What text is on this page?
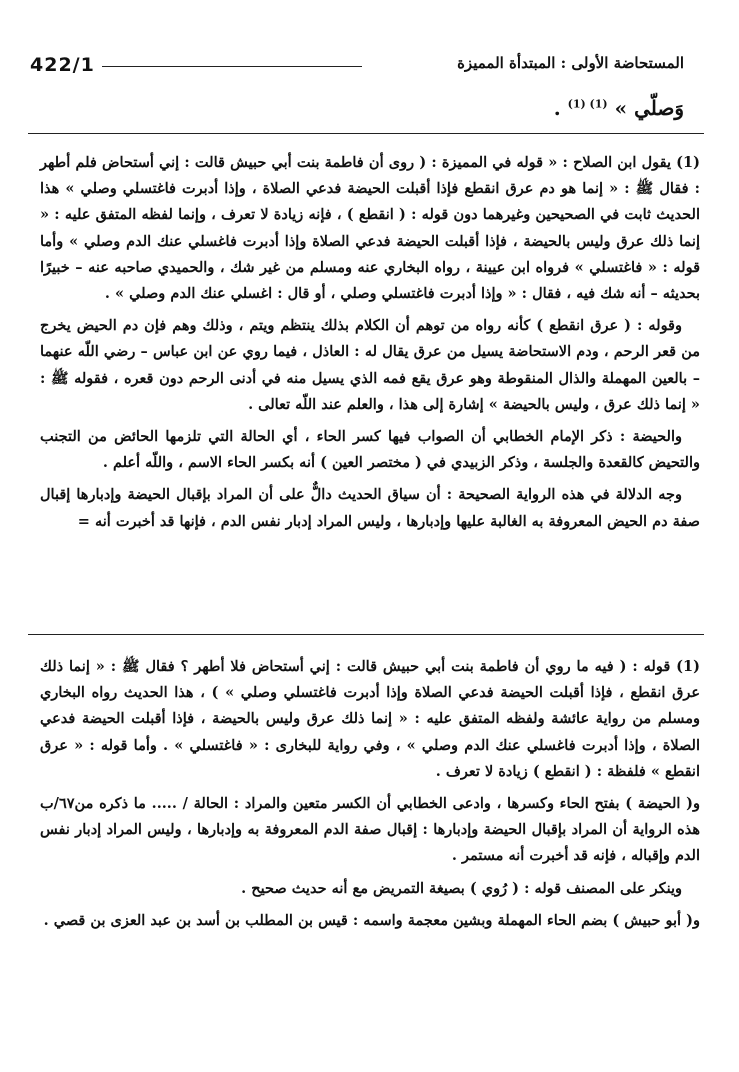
422/1	المستحاضة الأولى : المبتدأة المميزة
وَصلّي » $^{(1) (1)}$ .

(1) يقول ابن الصلاح : « قوله في المميزة : ( روى أن فاطمة بنت أبي حبيش قالت : إني أستحاض فلم أطهر : فقال ﷺ : « إنما هو دم عرق انقطع فإذا أقبلت الحيضة فدعي الصلاة ، وإذا أدبرت فاغتسلي وصلي » هذا الحديث ثابت في الصحيحين وغيرهما دون قوله : ( انقطع ) ، فإنه زيادة لا تعرف ، وإنما لفظه المتفق عليه : « إنما ذلك عرق وليس بالحيضة ، فإذا أقبلت الحيضة فدعي الصلاة وإذا أدبرت فاغسلي عنك الدم وصلي » وأما قوله : « فاغتسلي » فرواه ابن عيينة ، رواه البخاري عنه ومسلم من غير شك ، والحميدي صاحبه عنه – خبيرًا بحديثه – أنه شك فيه ، فقال : « وإذا أدبرت فاغتسلي وصلي ، أو قال : اغسلي عنك الدم وصلي » .

وقوله : ( عرق انقطع ) كأنه رواه من توهم أن الكلام بذلك ينتظم ويتم ، وذلك وهم فإن دم الحيض يخرج من قعر الرحم ، ودم الاستحاضة يسيل من عرق يقال له : العاذل ، فيما روي عن ابن عباس – رضي اللّه عنهما – بالعين المهملة والذال المنقوطة وهو عرق يقع فمه الذي يسيل منه في أدنى الرحم دون قعره ، فقوله ﷺ : « إنما ذلك عرق ، وليس بالحيضة » إشارة إلى هذا ، والعلم عند اللّه تعالى .

والحيضة : ذكر الإمام الخطابي أن الصواب فيها كسر الحاء ، أي الحالة التي تلزمها الحائض من التجنب والتحيض كالقعدة والجلسة ، وذكر الزبيدي في ( مختصر العين ) أنه بكسر الحاء الاسم ، واللّه أعلم .

وجه الدلالة في هذه الرواية الصحيحة : أن سياق الحديث دالٌّ على أن المراد بإقبال الحيضة وإدبارها إقبال صفة دم الحيض المعروفة به الغالبة عليها وإدبارها ، وليس المراد إدبار نفس الدم ، فإنها قد أخبرت أنه =

(1) قوله : ( فيه ما روي أن فاطمة بنت أبي حبيش قالت : إني أستحاض فلا أطهر ؟ فقال ﷺ : « إنما ذلك عرق انقطع ، فإذا أقبلت الحيضة فدعي الصلاة وإذا أدبرت فاغتسلي وصلي » ) ، هذا الحديث رواه البخاري ومسلم من رواية عائشة ولفظه المتفق عليه : « إنما ذلك عرق وليس بالحيضة ، فإذا أقبلت الحيضة فدعي الصلاة ، وإذا أدبرت فاغسلي عنك الدم وصلي » ، وفي رواية للبخارى : « فاغتسلي » . وأما قوله : « عرق انقطع » فلفظة : ( انقطع ) زيادة لا تعرف .

و( الحيضة ) بفتح الحاء وكسرها ، وادعى الخطابي أن الكسر متعين والمراد : الحالة / ..... ما ذكره من٦٧/ب هذه الرواية أن المراد بإقبال الحيضة وإدبارها : إقبال صفة الدم المعروفة به وإدبارها ، وليس المراد إدبار نفس الدم وإقباله ، فإنه قد أخبرت أنه مستمر .

وينكر على المصنف قوله : ( رُوي ) بصيغة التمريض مع أنه حديث صحيح .

و( أبو حبيش ) بضم الحاء المهملة وبشين معجمة واسمه : قيس بن المطلب بن أسد بن عبد العزى بن قصي .
